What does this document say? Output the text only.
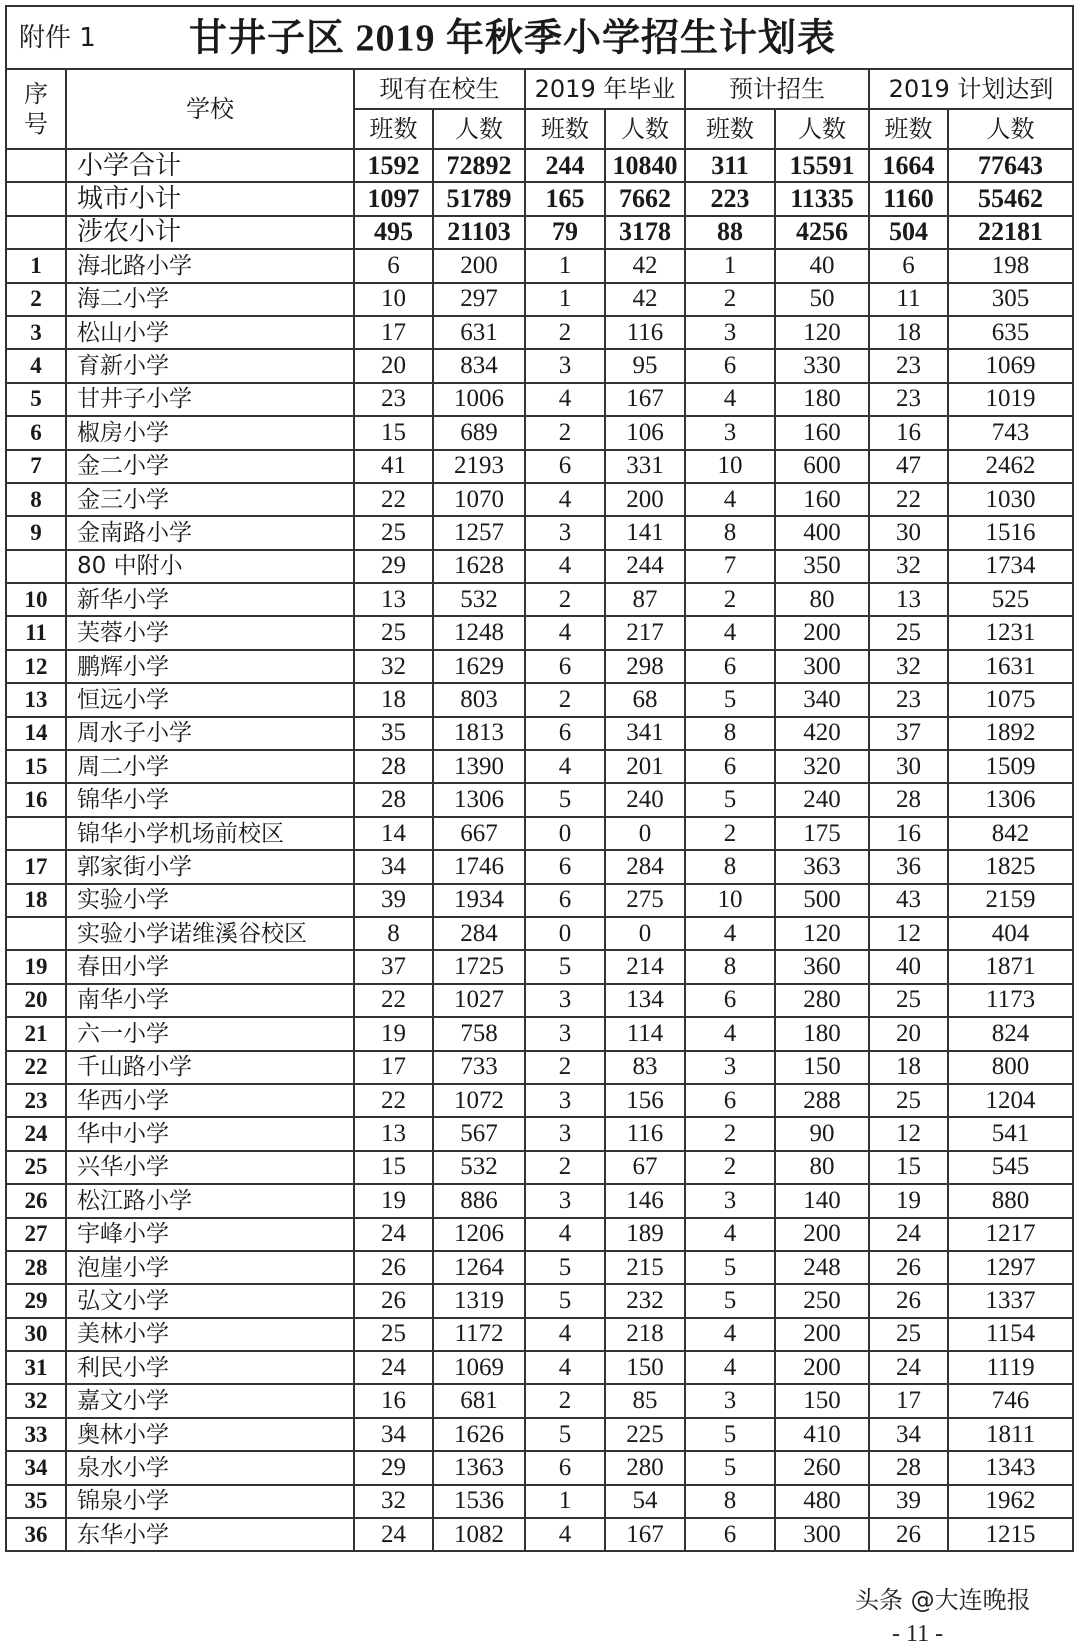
附件 1 甘井子区 2019 年秋季小学招生计划表									
序号	学校	现有在校生		2019 年毕业		预计招生		2019 计划达到	
		班数	人数	班数	人数	班数	人数	班数	人数
	小学合计	1592	72892	244	10840	311	15591	1664	77643
	城市小计	1097	51789	165	7662	223	11335	1160	55462
	涉农小计	495	21103	79	3178	88	4256	504	22181
1	海北路小学	6	200	1	42	1	40	6	198
2	海二小学	10	297	1	42	2	50	11	305
3	松山小学	17	631	2	116	3	120	18	635
4	育新小学	20	834	3	95	6	330	23	1069
5	甘井子小学	23	1006	4	167	4	180	23	1019
6	椒房小学	15	689	2	106	3	160	16	743
7	金二小学	41	2193	6	331	10	600	47	2462
8	金三小学	22	1070	4	200	4	160	22	1030
9	金南路小学	25	1257	3	141	8	400	30	1516
	80 中附小	29	1628	4	244	7	350	32	1734
10	新华小学	13	532	2	87	2	80	13	525
11	芙蓉小学	25	1248	4	217	4	200	25	1231
12	鹏辉小学	32	1629	6	298	6	300	32	1631
13	恒远小学	18	803	2	68	5	340	23	1075
14	周水子小学	35	1813	6	341	8	420	37	1892
15	周二小学	28	1390	4	201	6	320	30	1509
16	锦华小学	28	1306	5	240	5	240	28	1306
	锦华小学机场前校区	14	667	0	0	2	175	16	842
17	郭家街小学	34	1746	6	284	8	363	36	1825
18	实验小学	39	1934	6	275	10	500	43	2159
	实验小学诺维溪谷校区	8	284	0	0	4	120	12	404
19	春田小学	37	1725	5	214	8	360	40	1871
20	南华小学	22	1027	3	134	6	280	25	1173
21	六一小学	19	758	3	114	4	180	20	824
22	千山路小学	17	733	2	83	3	150	18	800
23	华西小学	22	1072	3	156	6	288	25	1204
24	华中小学	13	567	3	116	2	90	12	541
25	兴华小学	15	532	2	67	2	80	15	545
26	松江路小学	19	886	3	146	3	140	19	880
27	宇峰小学	24	1206	4	189	4	200	24	1217
28	泡崖小学	26	1264	5	215	5	248	26	1297
29	弘文小学	26	1319	5	232	5	250	26	1337
30	美林小学	25	1172	4	218	4	200	25	1154
31	利民小学	24	1069	4	150	4	200	24	1119
32	嘉文小学	16	681	2	85	3	150	17	746
33	奥林小学	34	1626	5	225	5	410	34	1811
34	泉水小学	29	1363	6	280	5	260	28	1343
35	锦泉小学	32	1536	1	54	8	480	39	1962
36	东华小学	24	1082	4	167	6	300	26	1215
头条 @大连晚报
- 11 -
